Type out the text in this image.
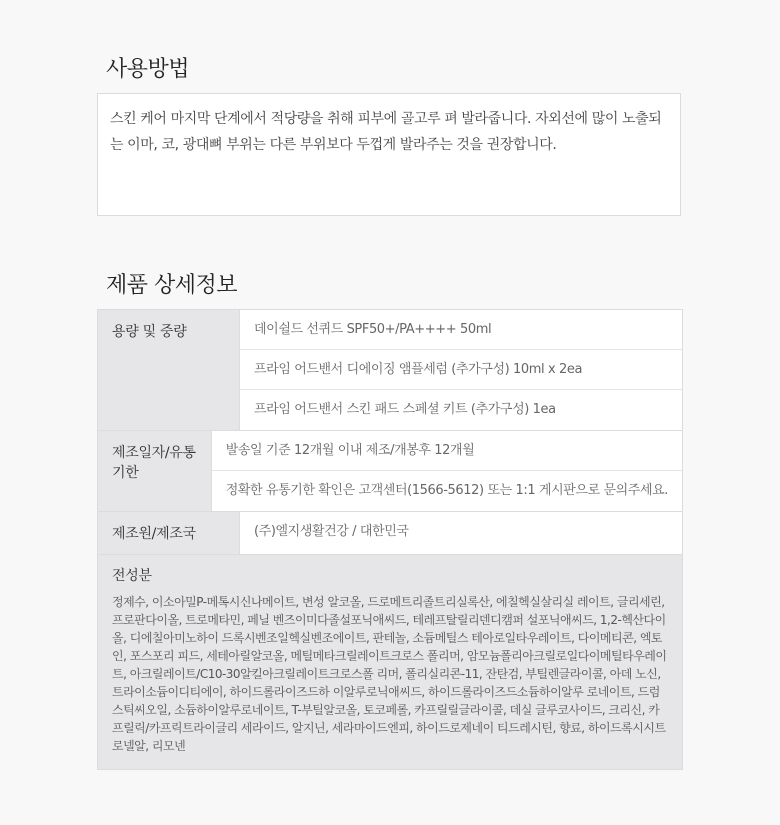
사용방법
스킨 케어 마지막 단계에서 적당량을 취해 피부에 골고루 펴 발라줍니다. 자외선에 많이 노출되는 이마, 코, 광대뼈 부위는 다른 부위보다 두껍게 발라주는 것을 권장합니다.
제품 상세정보
용량 및 중량	데이쉴드 선퀴드 SPF50+/PA++++ 50ml
프라임 어드밴서 디에이징 앰플세럼 (추가구성) 10ml x 2ea
프라임 어드밴서 스킨 패드 스페셜 키트 (추가구성) 1ea
제조일자/유통기한
발송일 기준 12개월 이내 제조/개봉후 12개월
정확한 유통기한 확인은 고객센터(1566-5612) 또는 1:1 게시판으로 문의주세요.
제조원/제조국	(주)엘지생활건강 / 대한민국
전성분
정제수, 이소아밀P-메톡시신나메이트, 변성 알코올, 드로메트리졸트리실록산, 에칠헥실살리실 레이트, 글리세린, 프로판다이올, 트로메타민, 페닐 벤즈이미다졸설포닉애씨드, 테레프탈릴리덴디캠퍼 설포닉애씨드, 1,2-헥산다이올, 디에칠아미노하이 드록시벤조일헥실벤조에이트, 판테놀, 소듐메틸스 테아로일타우레이트, 다이메티콘, 엑토인, 포스포리 피드, 세테아릴알코올, 메틸메타크릴레이트크로스 폴리머, 암모늄폴리아크릴로일다이메틸타우레이트, 아크릴레이트/C10-30알킬아크릴레이트크로스폴 리머, 폴리실리콘-11, 잔탄검, 부틸렌글라이콜, 아데 노신, 트라이소듐이디티에이, 하이드롤라이즈드하 이알루로닉애씨드, 하이드롤라이즈드소듐하이알루 로네이트, 드럼스틱씨오일, 소듐하이알루로네이트, T-부틸알코올, 토코페롤, 카프릴릴글라이콜, 데실 글루코사이드, 크리신, 카프릴릭/카프릭트라이글리 세라이드, 알지닌, 세라마이드엔피, 하이드로제네이 티드레시틴, 향료, 하이드록시시트로넬알, 리모넨
